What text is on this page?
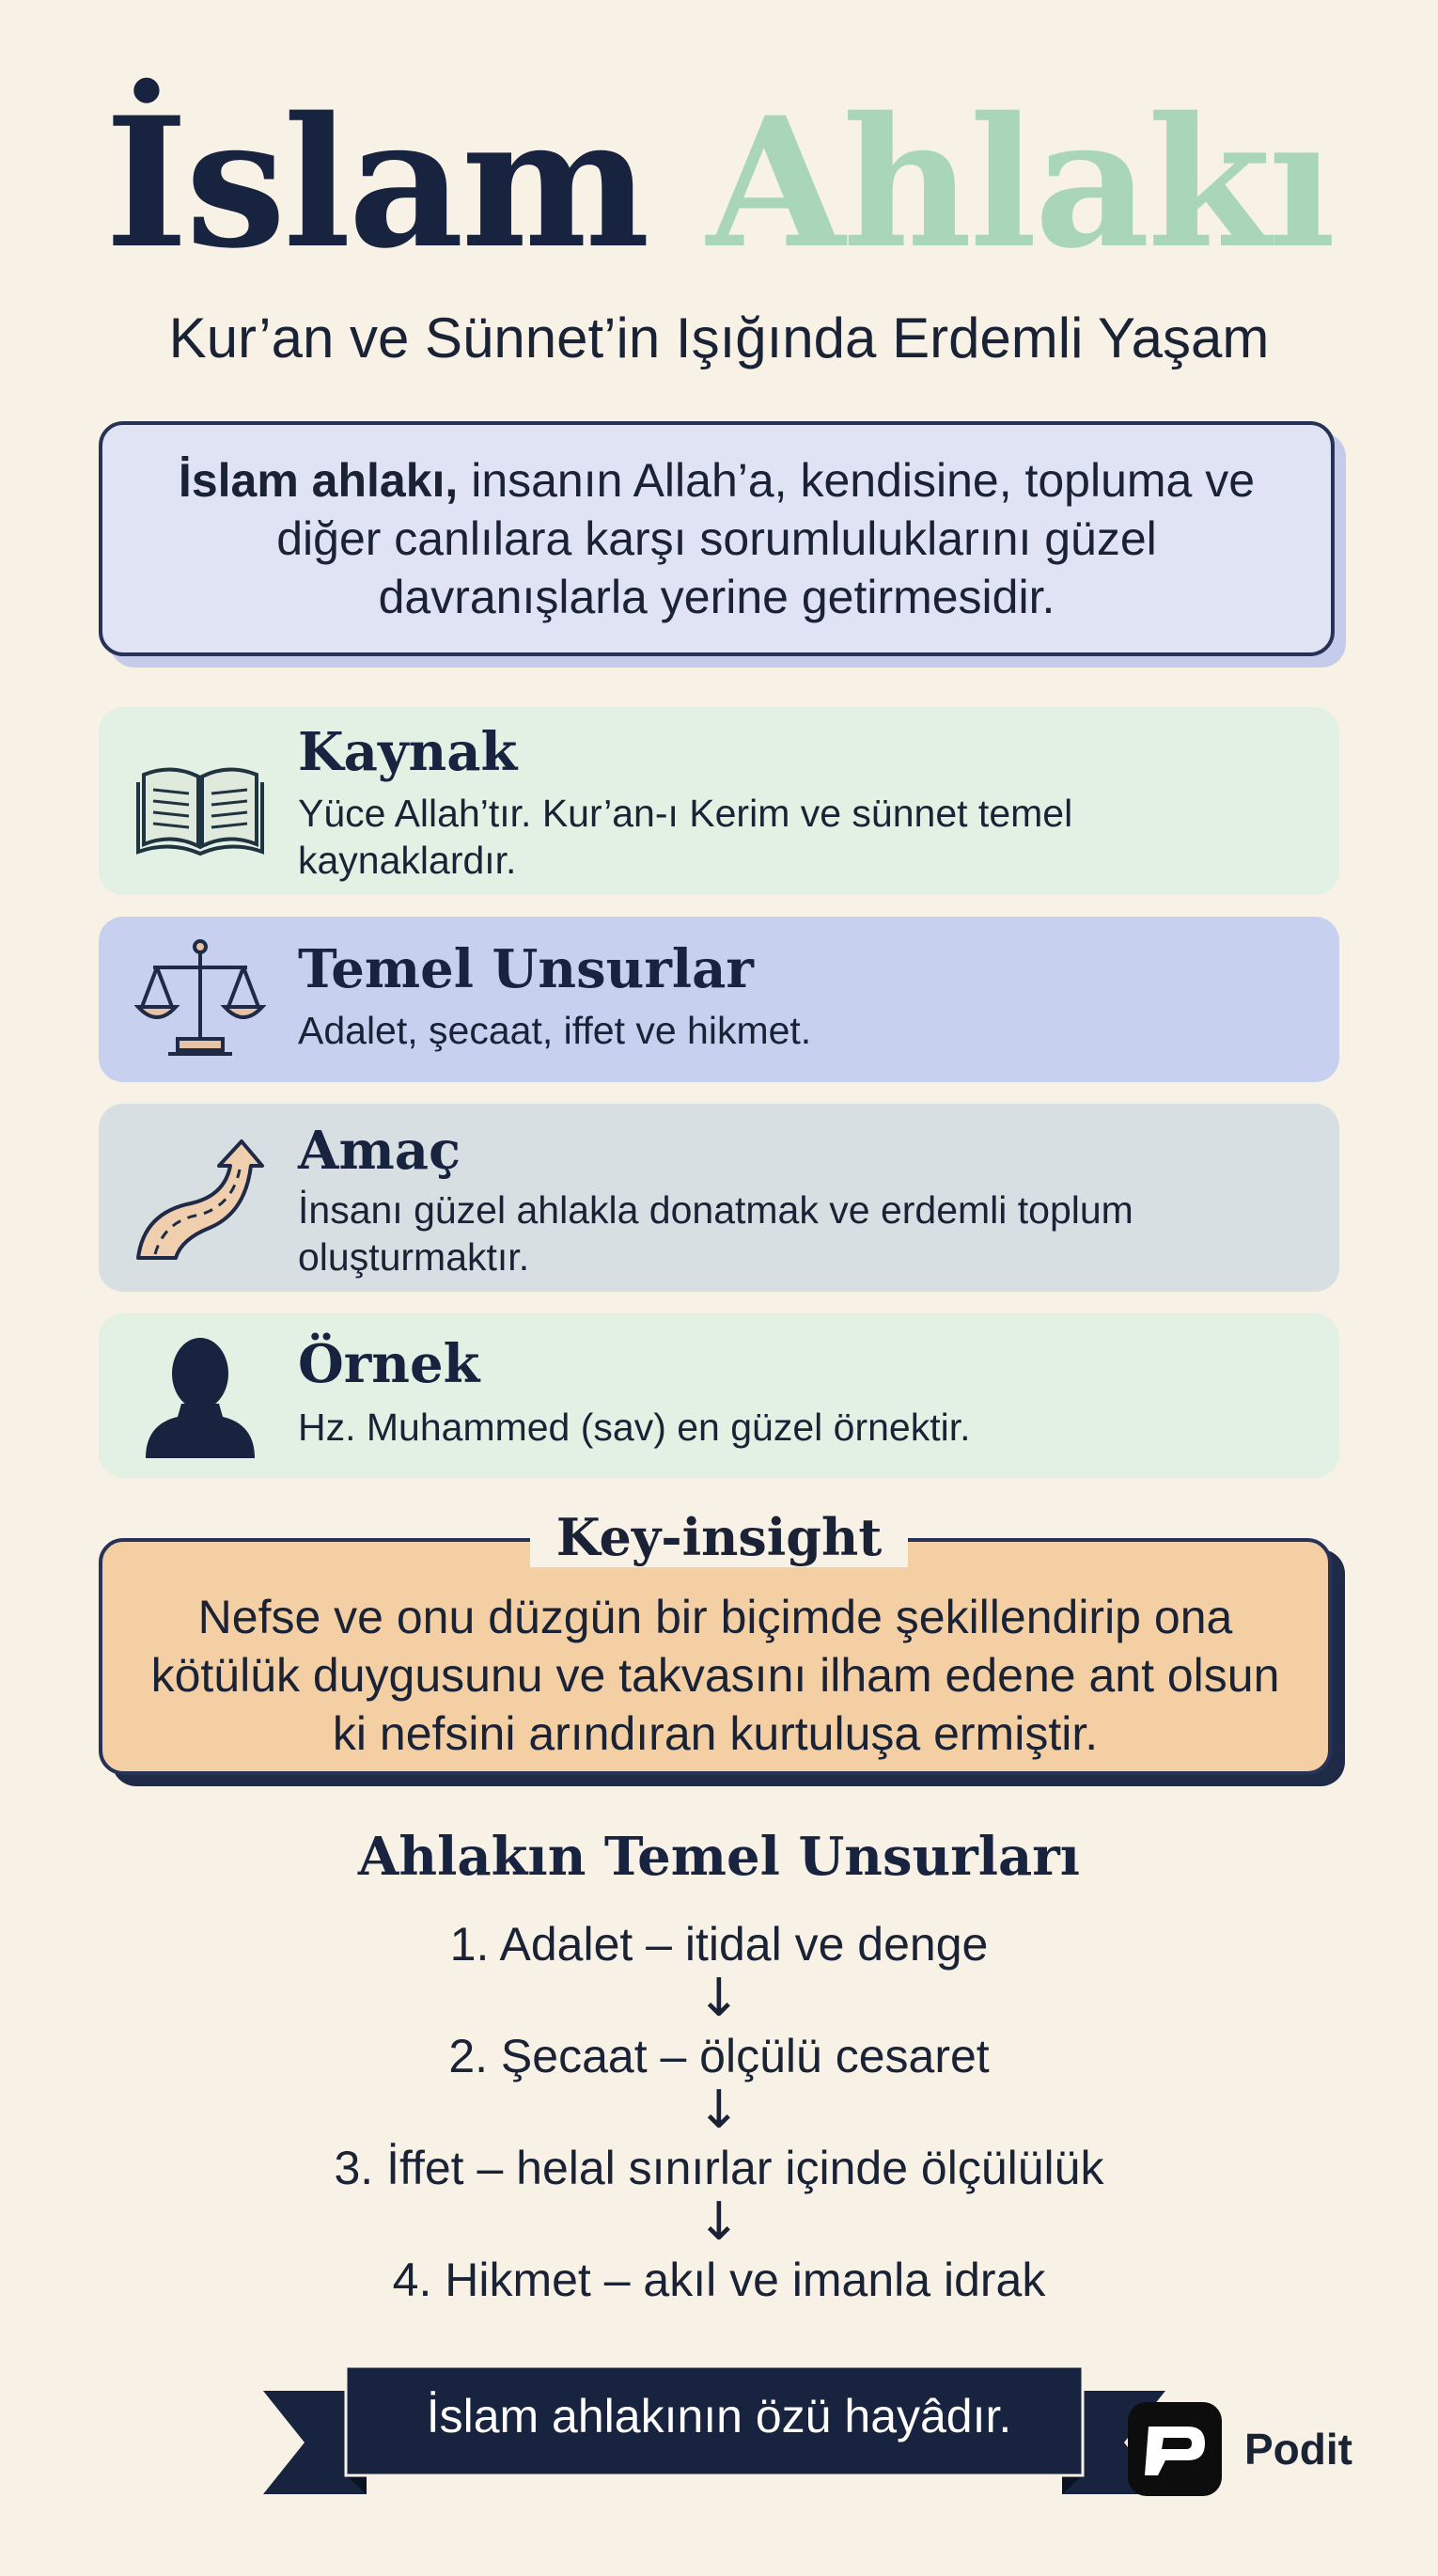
İslam Ahlakı
Kur’an ve Sünnet’in Işığında Erdemli Yaşam
İslam ahlakı, insanın Allah’a, kendisine, topluma ve diğer canlılara karşı sorumluluklarını güzel davranışlarla yerine getirmesidir.
Kaynak
Yüce Allah’tır. Kur’an-ı Kerim ve sünnet temel kaynaklardır.
Temel Unsurlar
Adalet, şecaat, iffet ve hikmet.
Amaç
İnsanı güzel ahlakla donatmak ve erdemli toplum oluşturmaktır.
Örnek
Hz. Muhammed (sav) en güzel örnektir.
Key-insight
Nefse ve onu düzgün bir biçimde şekillendirip ona kötülük duygusunu ve takvasını ilham edene ant olsun ki nefsini arındıran kurtuluşa ermiştir.
Ahlakın Temel Unsurları
1. Adalet – itidal ve denge
↓
2. Şecaat – ölçülü cesaret
↓
3. İffet – helal sınırlar içinde ölçülülük
↓
4. Hikmet – akıl ve imanla idrak
İslam ahlakının özü hayâdır.
Podit
